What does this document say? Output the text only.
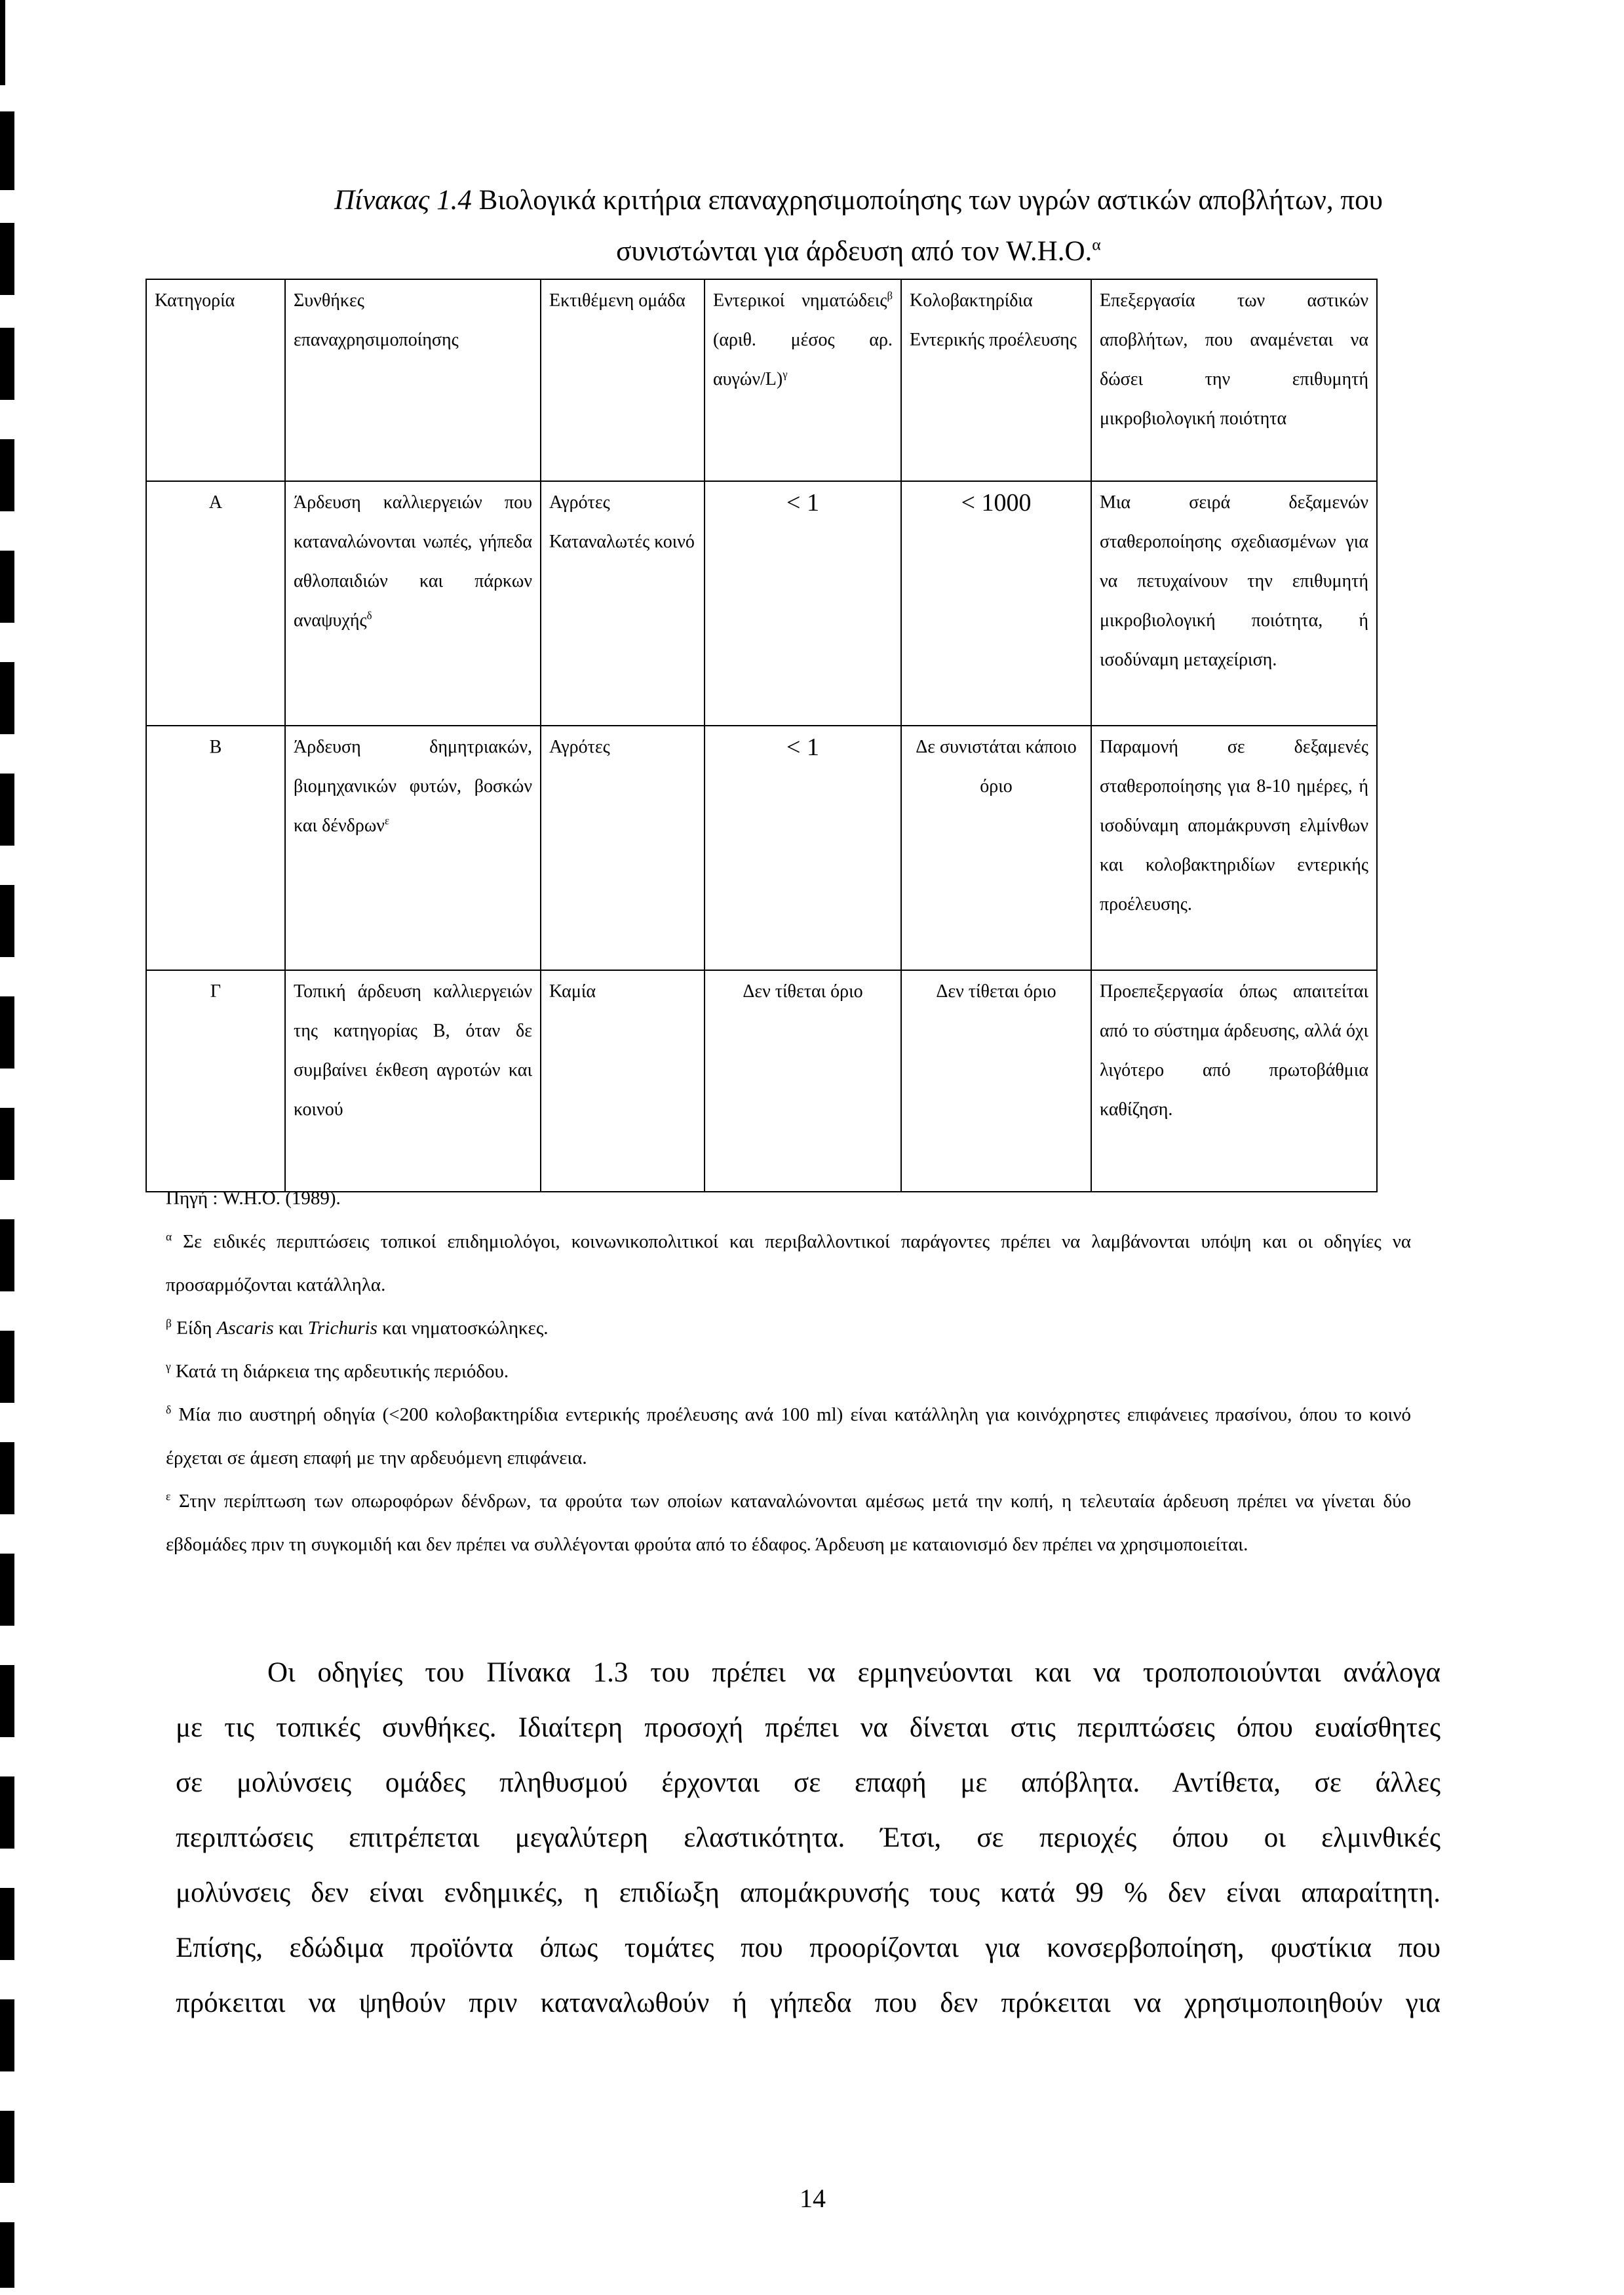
Πίνακας 1.4 Βιολογικά κριτήρια επαναχρησιμοποίησης των υγρών αστικών αποβλήτων, που
συνιστώνται για άρδευση από τον W.H.O.$^\alpha$
Κατηγορία	Συνθήκες επαναχρησιμοποίησης	Εκτιθέμενη ομάδα	Εντερικοί νηματώδεις$^\beta$ (αριθ. μέσος αρ. αυγών/L)$^\gamma$	Κολοβακτηρίδια Εντερικής προέλευσης	Επεξεργασία των αστικών αποβλήτων, που αναμένεται να δώσει την επιθυμητή μικροβιολογική ποιότητα
Α	Άρδευση καλλιεργειών που καταναλώνονται νωπές, γήπεδα αθλοπαιδιών και πάρκων αναψυχής$^\delta$	Αγρότες Καταναλωτές κοινό	< 1	< 1000	Μια σειρά δεξαμενών σταθεροποίησης σχεδιασμένων για να πετυχαίνουν την επιθυμητή μικροβιολογική ποιότητα, ή ισοδύναμη μεταχείριση.
Β	Άρδευση δημητριακών, βιομηχανικών φυτών, βοσκών και δένδρων$^\varepsilon$	Αγρότες	< 1	Δε συνιστάται κάποιο όριο	Παραμονή σε δεξαμενές σταθεροποίησης για 8-10 ημέρες, ή ισοδύναμη απομάκρυνση ελμίνθων και κολοβακτηριδίων εντερικής προέλευσης.
Γ	Τοπική άρδευση καλλιεργειών της κατηγορίας Β, όταν δε συμβαίνει έκθεση αγροτών και κοινού	Καμία	Δεν τίθεται όριο	Δεν τίθεται όριο	Προεπεξεργασία όπως απαιτείται από το σύστημα άρδευσης, αλλά όχι λιγότερο από πρωτοβάθμια καθίζηση.

Πηγή : W.H.O. (1989).

$^\alpha$ Σε ειδικές περιπτώσεις τοπικοί επιδημιολόγοι, κοινωνικοπολιτικοί και περιβαλλοντικοί παράγοντες πρέπει να λαμβάνονται υπόψη και οι οδηγίες να προσαρμόζονται κατάλληλα.

$^\beta$ Είδη Ascaris και Trichuris και νηματοσκώληκες.

$^\gamma$ Κατά τη διάρκεια της αρδευτικής περιόδου.

$^\delta$ Μία πιο αυστηρή οδηγία (<200 κολοβακτηρίδια εντερικής προέλευσης ανά 100 ml) είναι κατάλληλη για κοινόχρηστες επιφάνειες πρασίνου, όπου το κοινό έρχεται σε άμεση επαφή με την αρδευόμενη επιφάνεια.

$^\varepsilon$ Στην περίπτωση των οπωροφόρων δένδρων, τα φρούτα των οποίων καταναλώνονται αμέσως μετά την κοπή, η τελευταία άρδευση πρέπει να γίνεται δύο εβδομάδες πριν τη συγκομιδή και δεν πρέπει να συλλέγονται φρούτα από το έδαφος. Άρδευση με καταιονισμό δεν πρέπει να χρησιμοποιείται.

Οι οδηγίες του Πίνακα 1.3 του πρέπει να ερμηνεύονται και να τροποποιούνται ανάλογα

με τις τοπικές συνθήκες. Ιδιαίτερη προσοχή πρέπει να δίνεται στις περιπτώσεις όπου ευαίσθητες

σε μολύνσεις ομάδες πληθυσμού έρχονται σε επαφή με απόβλητα. Αντίθετα, σε άλλες

περιπτώσεις επιτρέπεται μεγαλύτερη ελαστικότητα. Έτσι, σε περιοχές όπου οι ελμινθικές

μολύνσεις δεν είναι ενδημικές, η επιδίωξη απομάκρυνσής τους κατά 99 % δεν είναι απαραίτητη.

Επίσης, εδώδιμα προϊόντα όπως τομάτες που προορίζονται για κονσερβοποίηση, φυστίκια που

πρόκειται να ψηθούν πριν καταναλωθούν ή γήπεδα που δεν πρόκειται να χρησιμοποιηθούν για

14
